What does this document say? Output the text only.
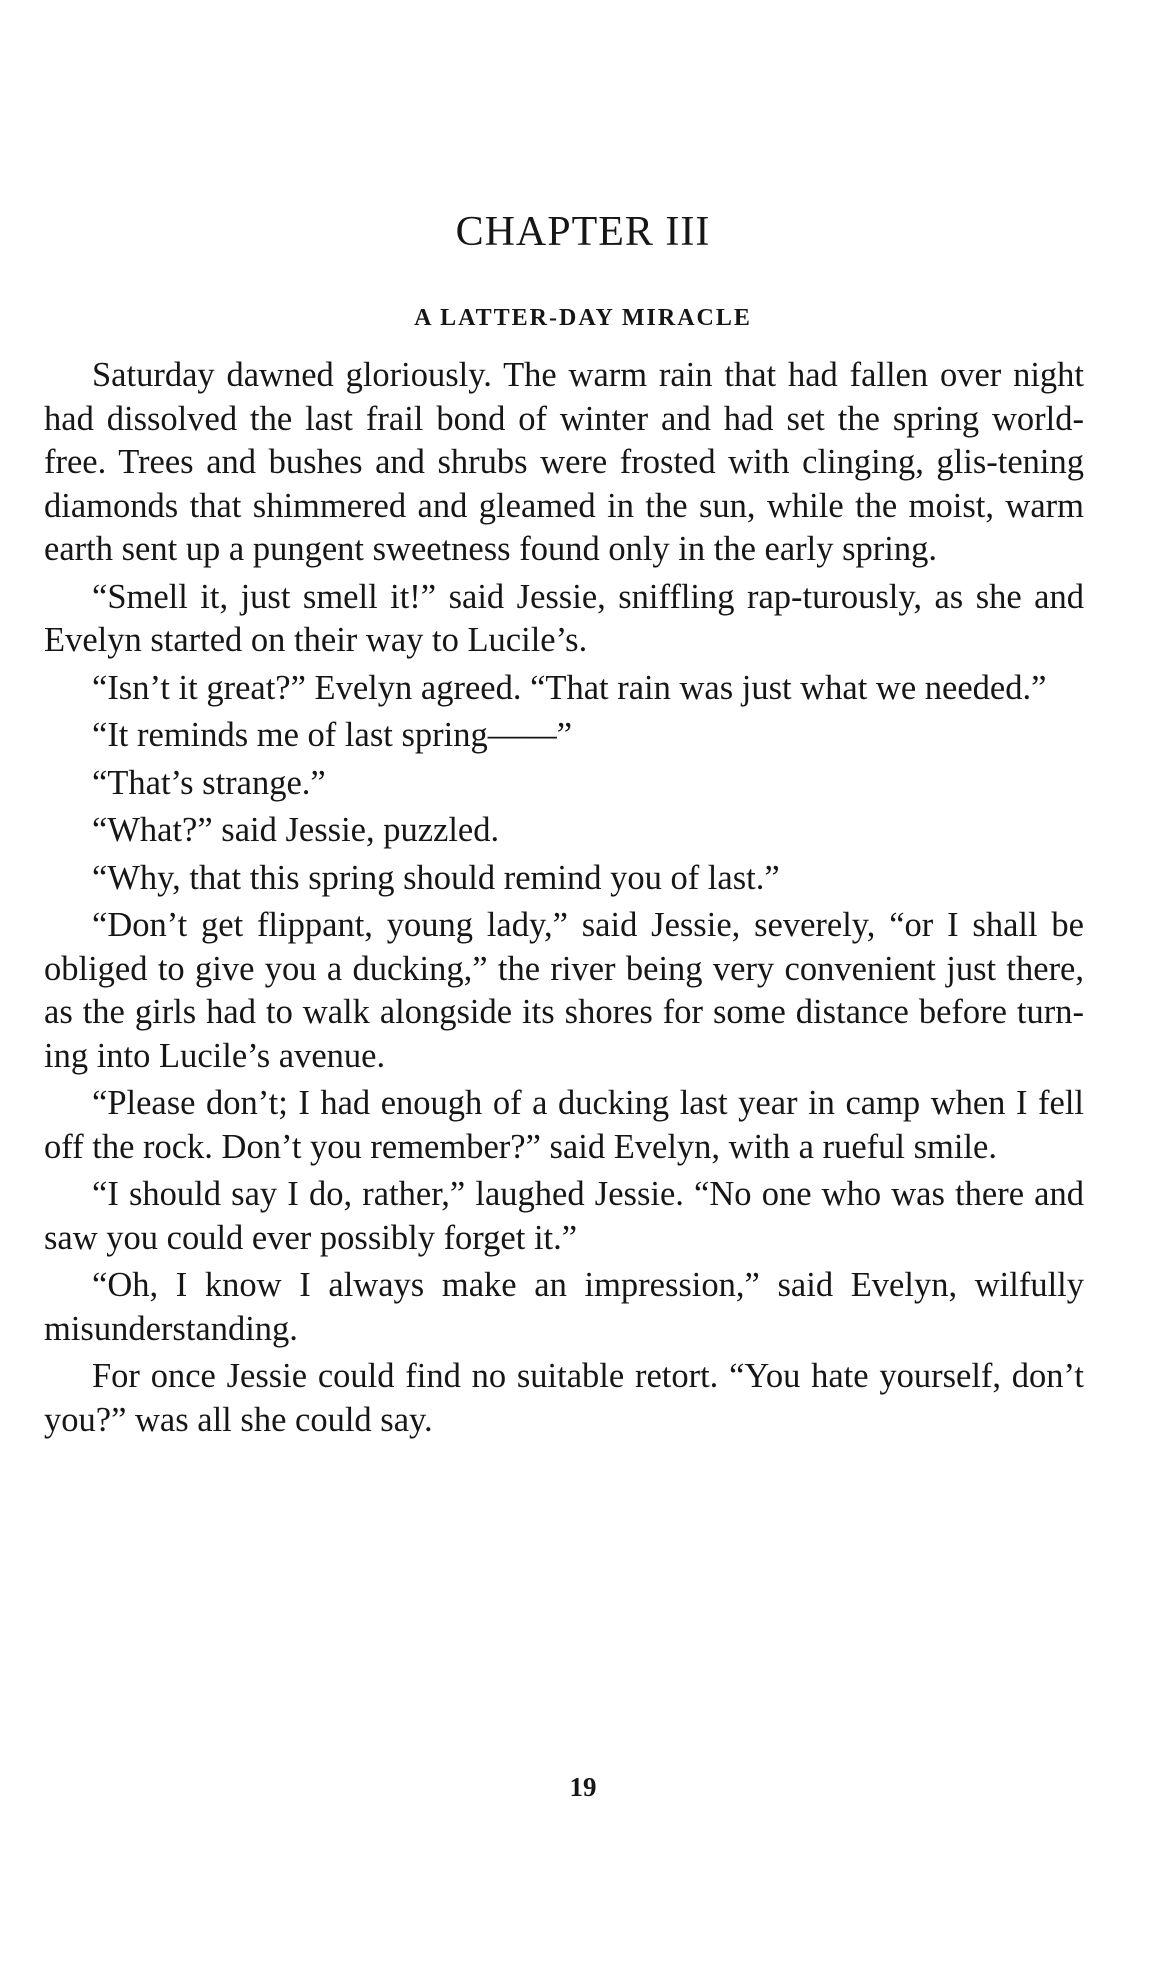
CHAPTER III
A LATTER-DAY MIRACLE

Saturday dawned gloriously. The warm rain that had fallen over night had dissolved the last frail bond of winter and had set the spring world-free. Trees and bushes and shrubs were frosted with clinging, glis-tening diamonds that shimmered and gleamed in the sun, while the moist, warm earth sent up a pungent sweetness found only in the early spring.

“Smell it, just smell it!” said Jessie, sniffling rap-turously, as she and Evelyn started on their way to Lucile’s.

“Isn’t it great?” Evelyn agreed. “That rain was just what we needed.”

“It reminds me of last spring——”

“That’s strange.”

“What?” said Jessie, puzzled.

“Why, that this spring should remind you of last.”

“Don’t get flippant, young lady,” said Jessie, severely, “or I shall be obliged to give you a ducking,” the river being very convenient just there, as the girls had to walk alongside its shores for some distance before turn-ing into Lucile’s avenue.

“Please don’t; I had enough of a ducking last year in camp when I fell off the rock. Don’t you remember?” said Evelyn, with a rueful smile.

“I should say I do, rather,” laughed Jessie. “No one who was there and saw you could ever possibly forget it.”

“Oh, I know I always make an impression,” said Evelyn, wilfully misunderstanding.

For once Jessie could find no suitable retort. “You hate yourself, don’t you?” was all she could say.

19
